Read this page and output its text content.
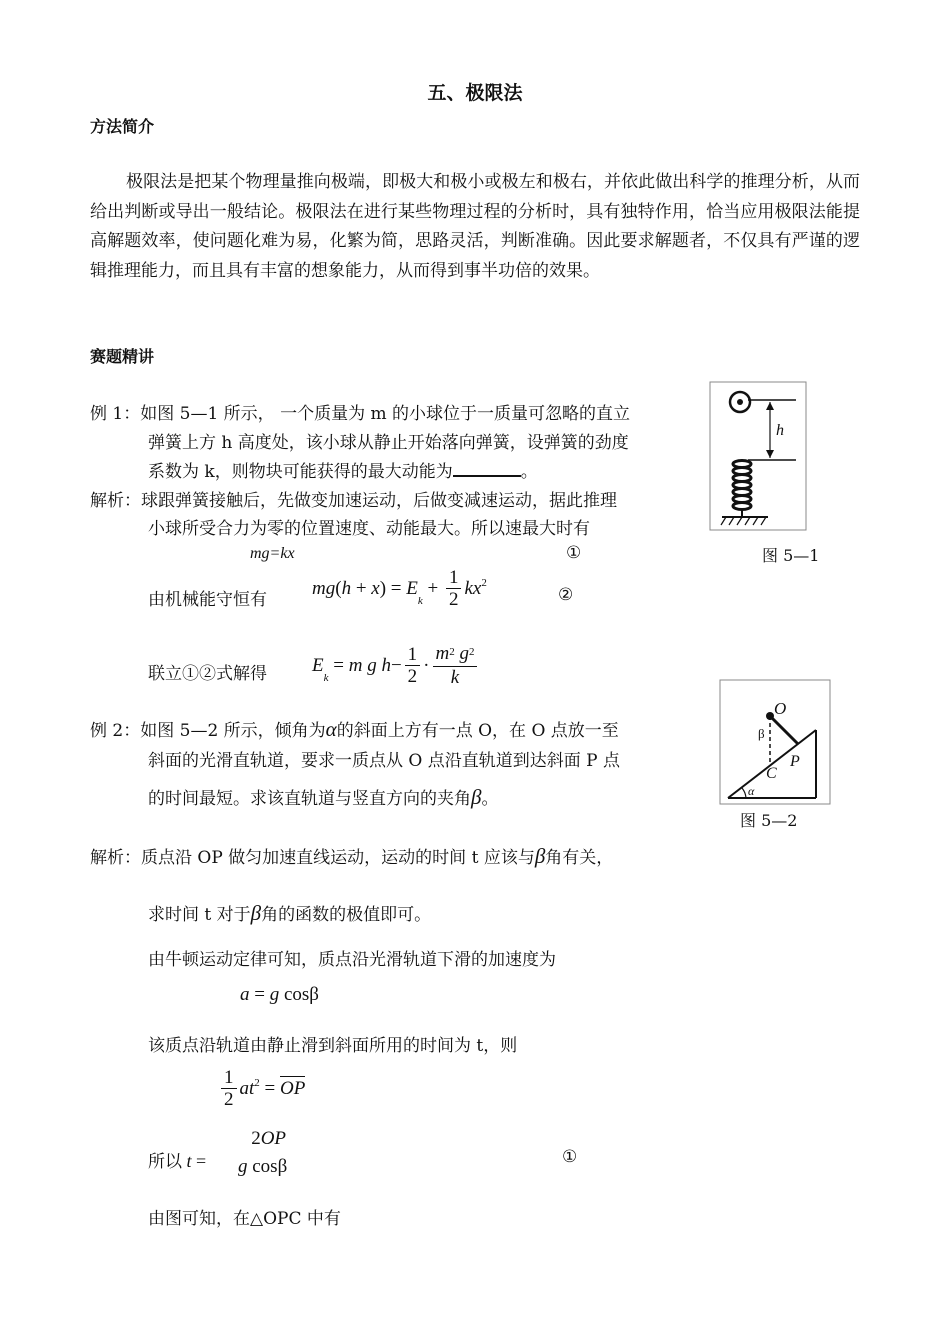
五、极限法
方法简介

极限法是把某个物理量推向极端，即极大和极小或极左和极右，并依此做出科学的推理分析，从而给出判断或导出一般结论。极限法在进行某些物理过程的分析时，具有独特作用，恰当应用极限法能提高解题效率，使问题化难为易，化繁为简，思路灵活，判断准确。因此要求解题者，不仅具有严谨的逻辑推理能力，而且具有丰富的想象能力，从而得到事半功倍的效果。

赛题精讲
例 1：如图 5—1 所示， 一个质量为 m 的小球位于一质量可忽略的直立
弹簧上方 h 高度处，该小球从静止开始落向弹簧，设弹簧的劲度
系数为 k，则物块可能获得的最大动能为	。
解析：球跟弹簧接触后，先做变加速运动，后做变减速运动，据此推理
小球所受合力为零的位置速度、动能最大。所以速最大时有
mg=kx	①
h
图 5—1
由机械能守恒有
$mg(h + x) = E_k + \frac{1}{2} kx^2$
②
联立①②式解得 $E_k = m$ g $h- \frac{1}{2} \cdot \frac{m^2 g^2}{k}$
例 2：如图 5—2 所示，倾角为α的斜面上方有一点 O，在 O 点放一至
斜面的光滑直轨道，要求一质点从 O 点沿直轨道到达斜面 P 点
的时间最短。求该直轨道与竖直方向的夹角β。
O
β
C
P
α
图 5—2
解析：质点沿 OP 做匀加速直线运动，运动的时间 t 应该与β角有关，
求时间 t 对于β角的函数的极值即可。
由牛顿运动定律可知，质点沿光滑轨道下滑的加速度为
a = g cosβ
该质点沿轨道由静止滑到斜面所用的时间为 t，则
$\frac{1}{2} at^2$ = OP
所以 t =
2OP
g cosβ	①
由图可知，在△OPC 中有
